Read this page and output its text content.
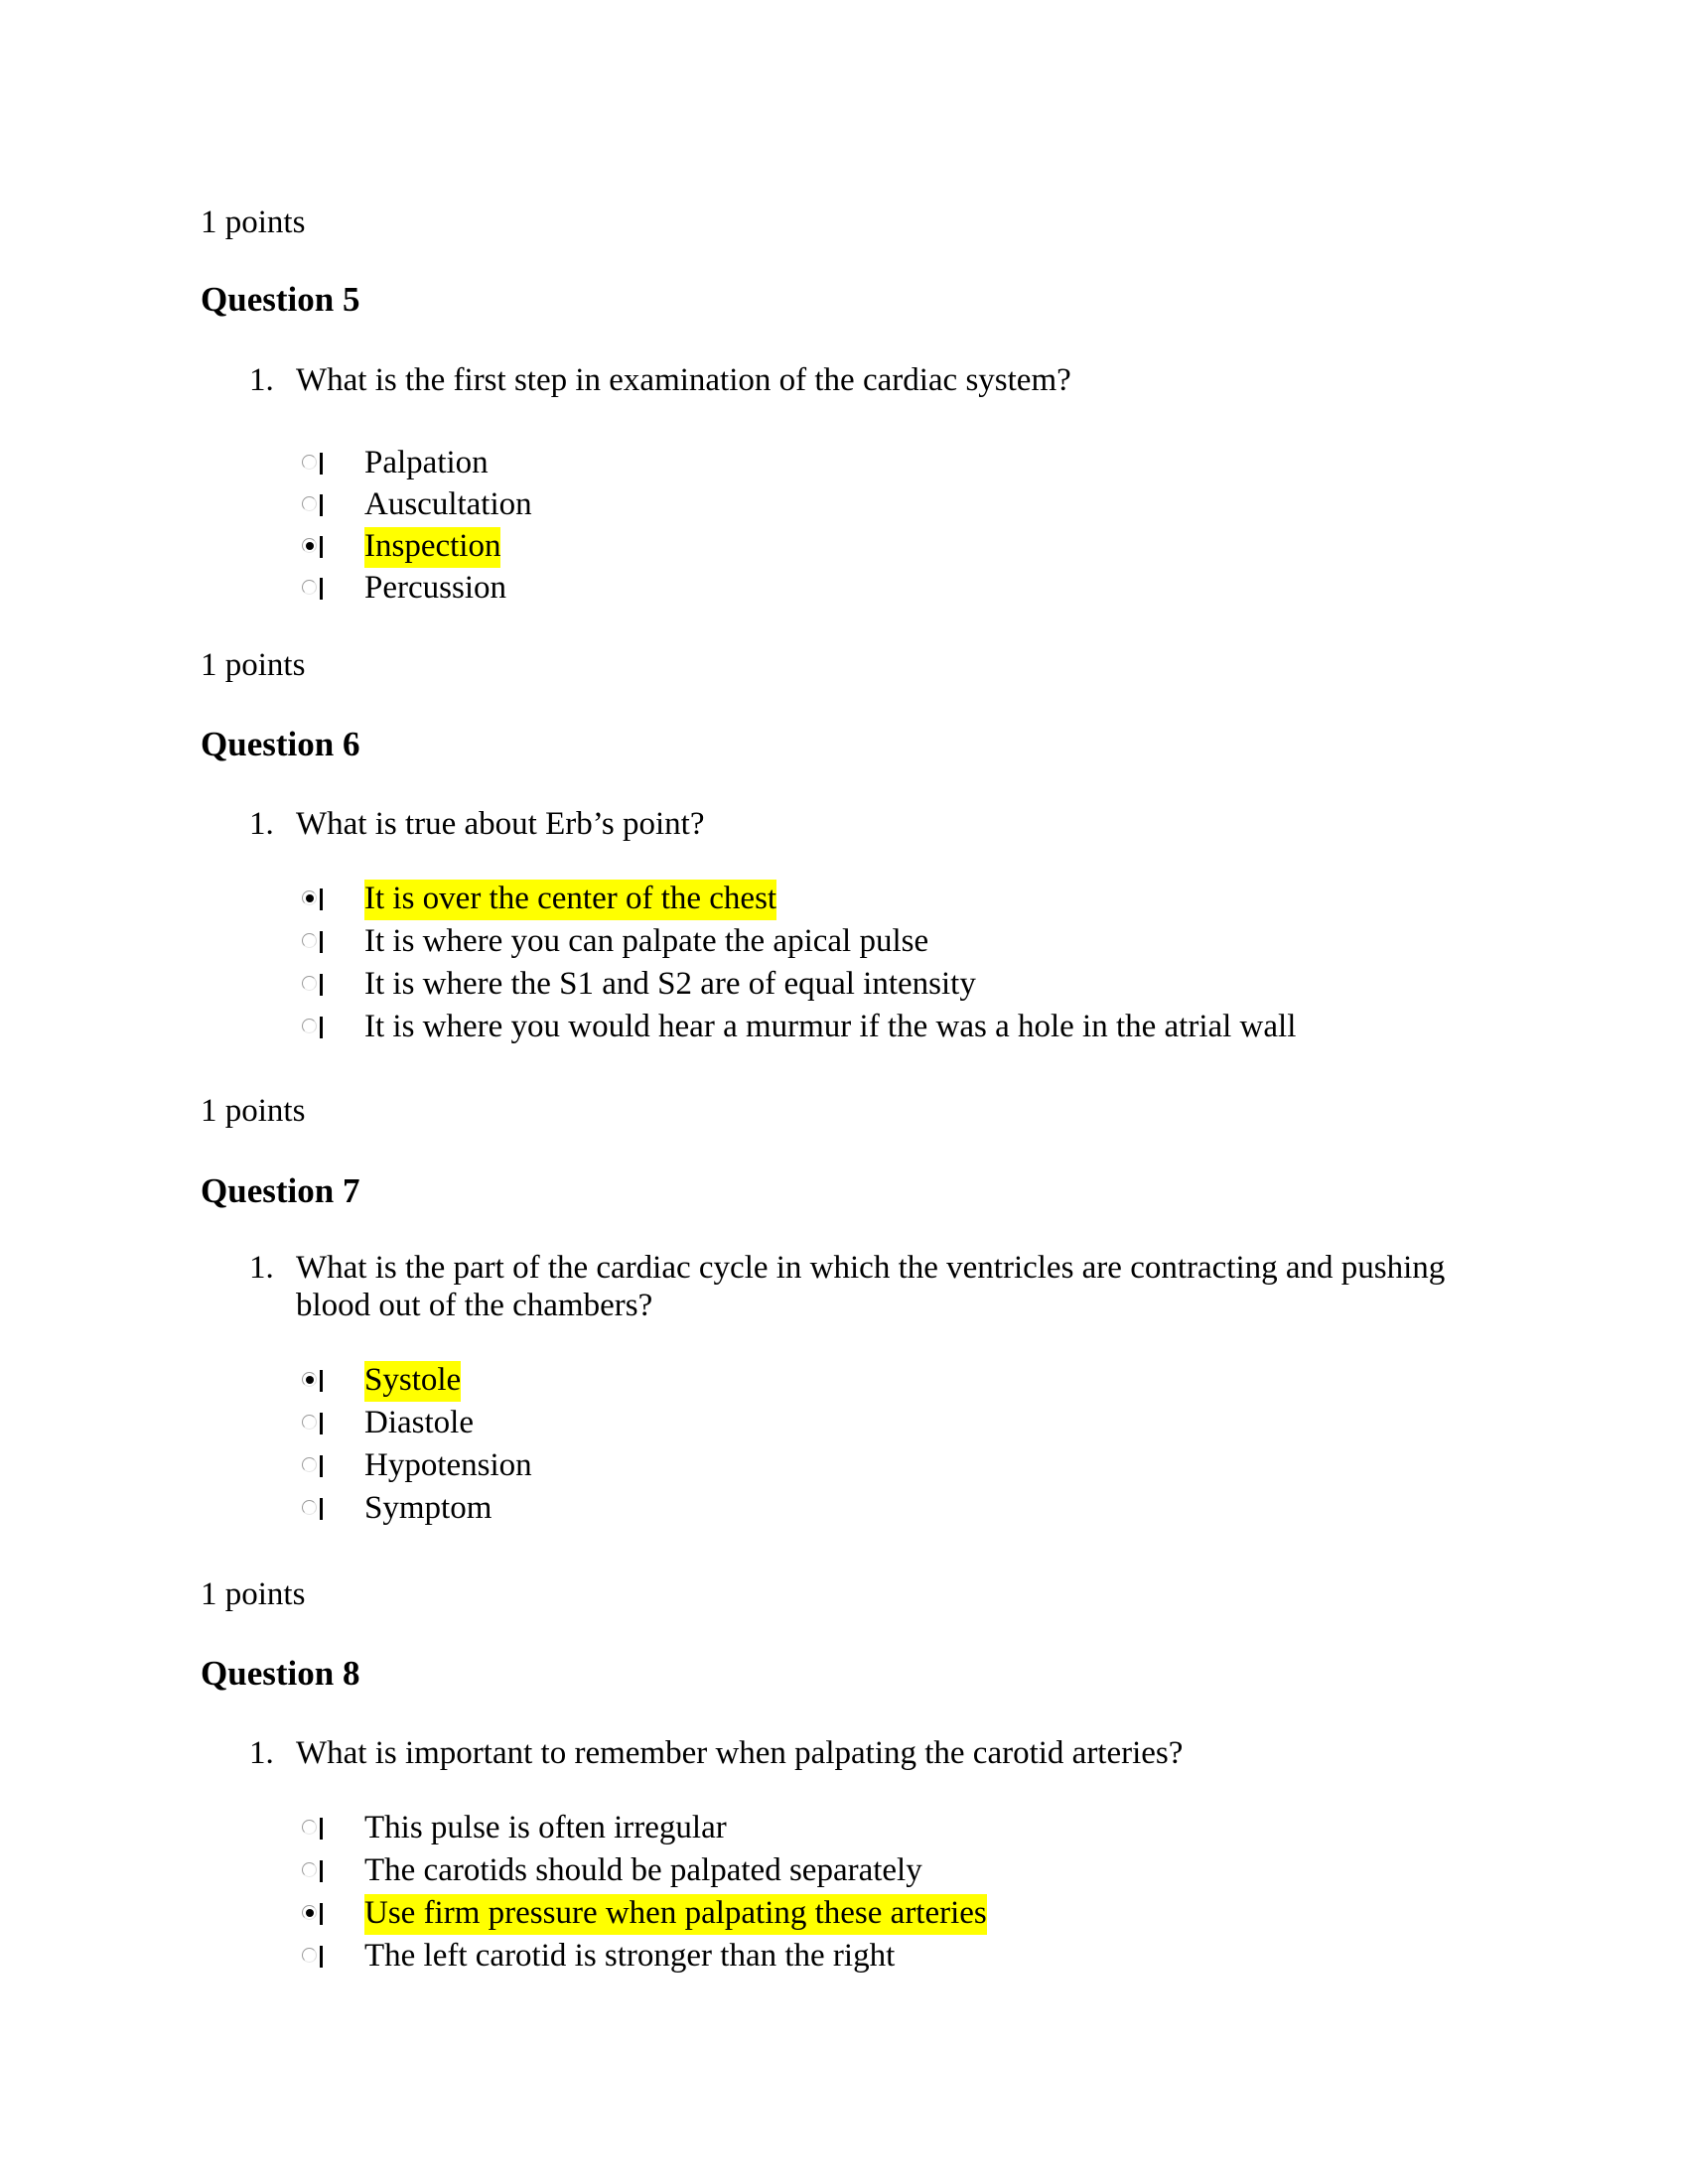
1 points
Question 5
1. What is the first step in examination of the cardiac system?
Palpation
Auscultation
Inspection
Percussion
1 points
Question 6
1. What is true about Erb’s point?
It is over the center of the chest
It is where you can palpate the apical pulse
It is where the S1 and S2 are of equal intensity
It is where you would hear a murmur if the was a hole in the atrial wall
1 points
Question 7
1. What is the part of the cardiac cycle in which the ventricles are contracting and pushing
blood out of the chambers?
Systole
Diastole
Hypotension
Symptom
1 points
Question 8
1. What is important to remember when palpating the carotid arteries?
This pulse is often irregular
The carotids should be palpated separately
Use firm pressure when palpating these arteries
The left carotid is stronger than the right
